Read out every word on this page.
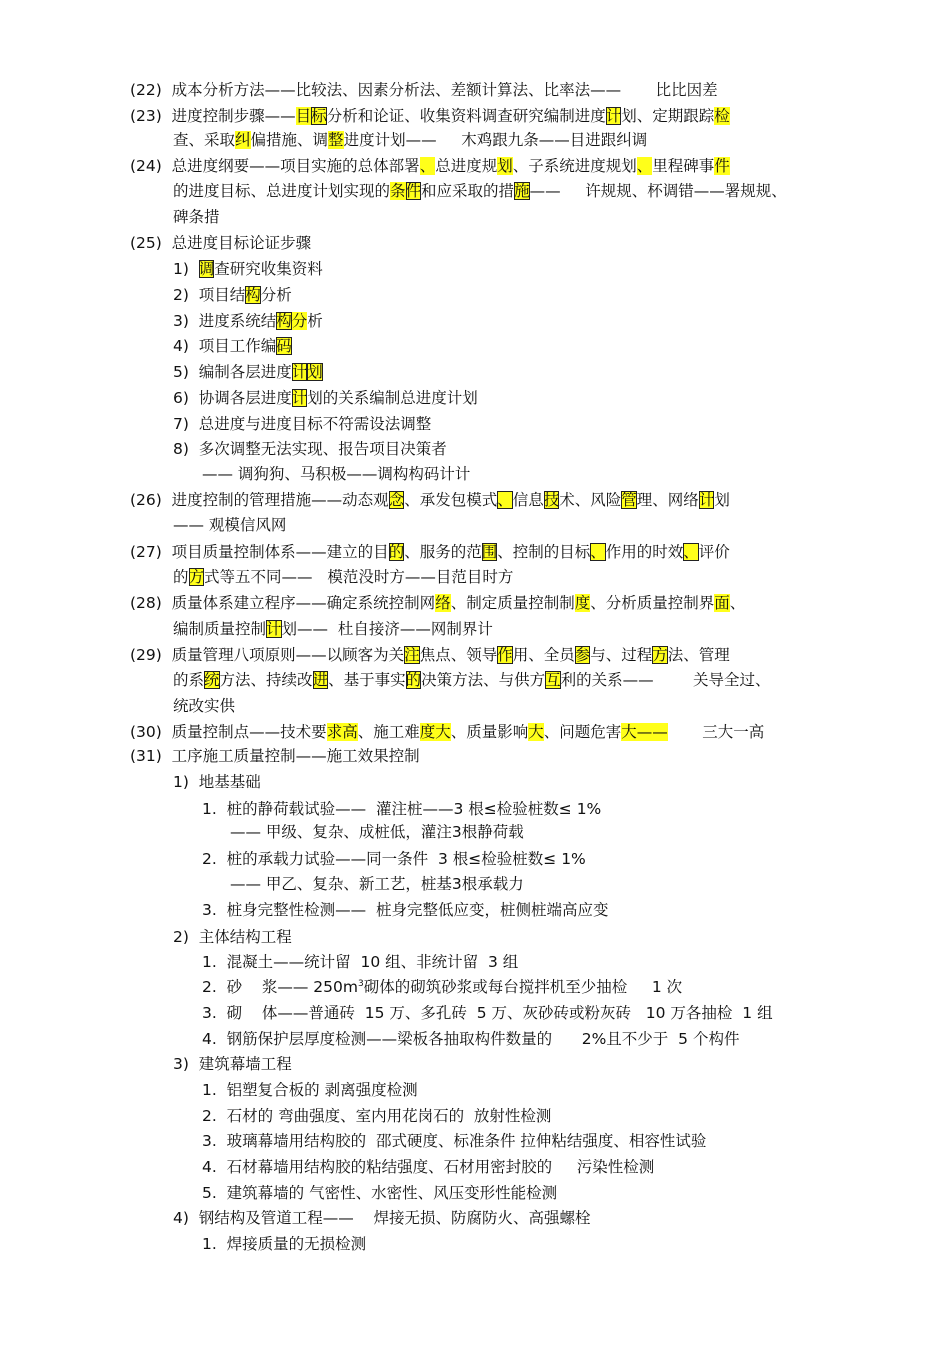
(22)  成本分析方法——比较法、因素分析法、差额计算法、比率法——       比比因差
(23)  进度控制步骤——目标分析和论证、收集资料调查研究编制进度计划、定期跟踪检
查、采取纠偏措施、调整进度计划——     木鸡跟九条——目进跟纠调
(24)  总进度纲要——项目实施的总体部署、总进度规划、子系统进度规划、里程碑事件
的进度目标、总进度计划实现的条件和应采取的措施——     许规规、杯调错——署规规、
碑条措
(25)  总进度目标论证步骤
1)  调查研究收集资料
2)  项目结构分析
3)  进度系统结构分析
4)  项目工作编码
5)  编制各层进度计划
6)  协调各层进度计划的关系编制总进度计划
7)  总进度与进度目标不符需设法调整
8)  多次调整无法实现、报告项目决策者
—— 调狗狗、马积极——调构构码计计
(26)  进度控制的管理措施——动态观念、承发包模式、信息技术、风险管理、网络计划
—— 观模信风网
(27)  项目质量控制体系——建立的目的、服务的范围、控制的目标、作用的时效、评价
的方式等五不同——   模范没时方——目范目时方
(28)  质量体系建立程序——确定系统控制网络、制定质量控制制度、分析质量控制界面、
编制质量控制计划——  杜自接济——网制界计
(29)  质量管理八项原则——以顾客为关注焦点、领导作用、全员参与、过程方法、管理
的系统方法、持续改进、基于事实的决策方法、与供方互利的关系——        关导全过、
统改实供
(30)  质量控制点——技术要求高、施工难度大、质量影响大、问题危害大——       三大一高
(31)  工序施工质量控制——施工效果控制
1)  地基基础
1.  桩的静荷载试验——  灌注桩——3 根≤检验桩数≤ 1%
—— 甲级、复杂、成桩低，灌注3根静荷载
2.  桩的承载力试验——同一条件  3 根≤检验桩数≤ 1%
—— 甲乙、复杂、新工艺，桩基3根承载力
3.  桩身完整性检测——  桩身完整低应变，桩侧桩端高应变
2)  主体结构工程
1.  混凝土——统计留  10 组、非统计留  3 组
2.  砂    浆—— $250m^3$砌体的砌筑砂浆或每台搅拌机至少抽检     1 次
3.  砌    体——普通砖  15 万、多孔砖  5 万、灰砂砖或粉灰砖   10 万各抽检  1 组
4.  钢筋保护层厚度检测——梁板各抽取构件数量的      2%且不少于  5 个构件
3)  建筑幕墙工程
1.  铝塑复合板的 剥离强度检测
2.  石材的 弯曲强度、室内用花岗石的  放射性检测
3.  玻璃幕墙用结构胶的  邵式硬度、标准条件 拉伸粘结强度、相容性试验
4.  石材幕墙用结构胶的粘结强度、石材用密封胶的     污染性检测
5.  建筑幕墙的 气密性、水密性、风压变形性能检测
4)  钢结构及管道工程——    焊接无损、防腐防火、高强螺栓
1.  焊接质量的无损检测
